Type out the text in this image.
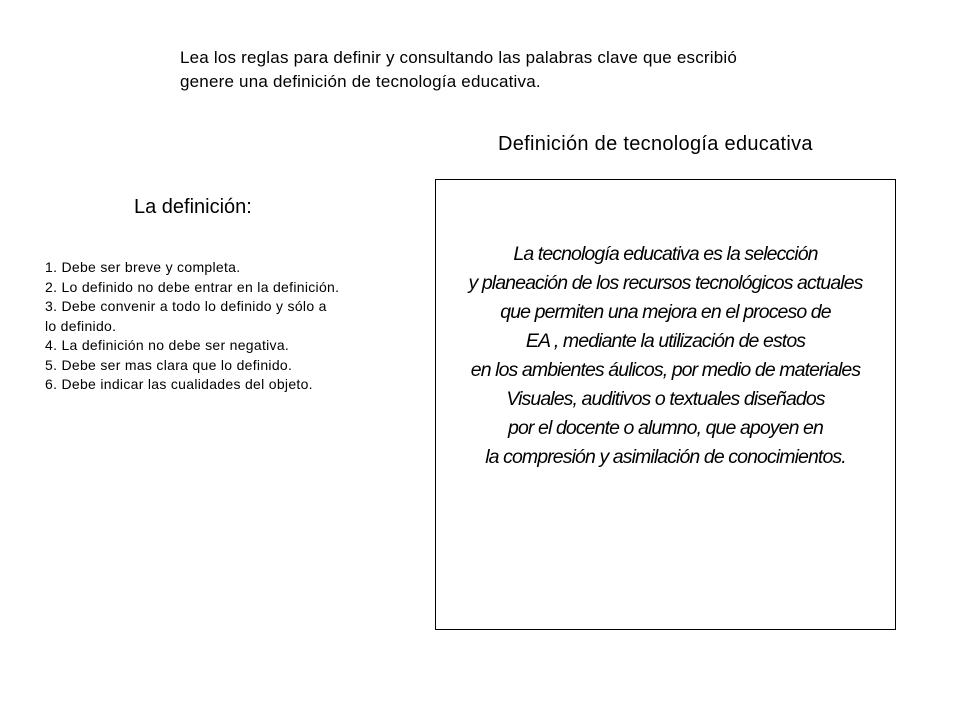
Lea los reglas para definir y consultando las palabras clave que escribió
genere una definición de tecnología educativa.

Definición de tecnología educativa
La definición:
1. Debe ser breve y completa.
2. Lo definido no debe entrar en la definición.
3. Debe convenir a todo lo definido y sólo a
lo definido.
4. La definición no debe ser negativa.
5. Debe ser mas clara que lo definido.
6. Debe indicar las cualidades del objeto.
La tecnología educativa es la selección
y planeación de los recursos tecnológicos actuales
que permiten una mejora en el proceso de
EA , mediante la utilización de estos
en los ambientes áulicos, por medio de materiales
Visuales, auditivos o textuales diseñados
por el docente o alumno, que apoyen en
la compresión y asimilación de conocimientos.
